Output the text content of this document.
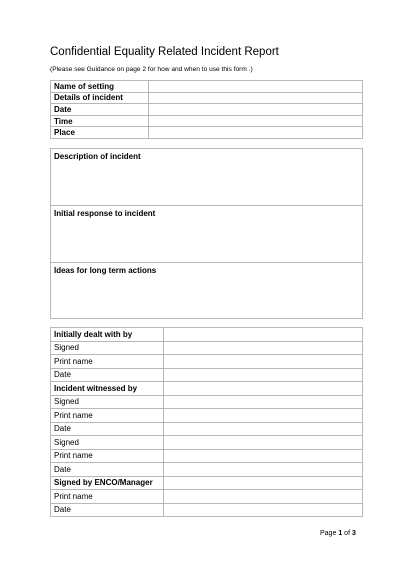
Confidential Equality Related Incident Report
(Please see Guidance on page 2 for how and when to use this form .)
Name of setting	
Details of incident	
Date	
Time	
Place	
Description of incident
Initial response to incident
Ideas for long term actions
Initially dealt with by	
Signed	
Print name	
Date	
Incident witnessed by	
Signed	
Print name	
Date	
Signed	
Print name	
Date	
Signed by ENCO/Manager	
Print name	
Date	
Page 1 of 3
